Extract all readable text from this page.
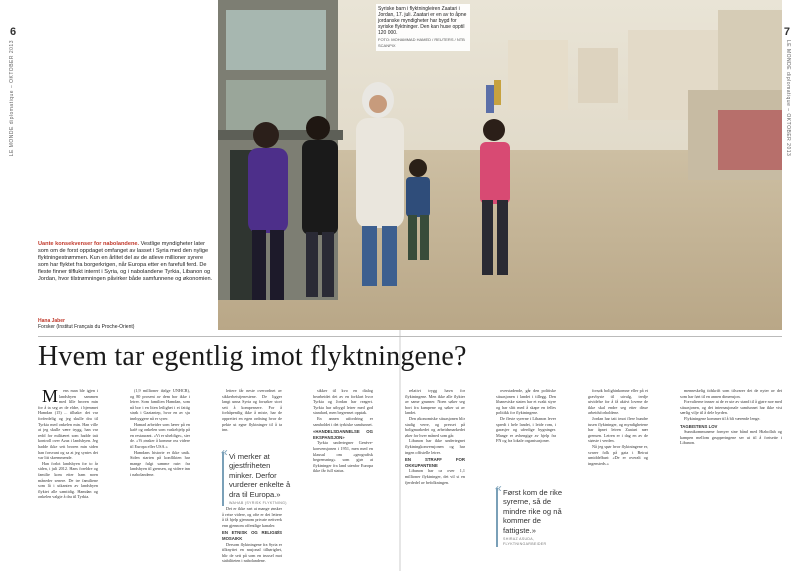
6	7
LE MONDE diplomatique – OKTOBER 2013	LE MONDE diplomatique – OKTOBER 2013
Syriske barn i flyktningleiren Zaatari i Jordan, 17. juli. Zaatari er en av to åpne jordanske myndigheter har bygd for syriske flyktninger. Den kan huse opptil 120 000.
FOTO: MOHAMMAD HAMED / REUTERS / NTB SCANPIX
Uante konsekvenser for nabolandene. Vestlige myndigheter later som om de forst oppdaget omfanget av lasset i Syria med den nylige flyktningestrømmen. Kun en årlitet del av de atleve millioner syrere som har flyktet fra borgerkrigen, når Europa etter en farefull ferd. De fleste finner tilflukt internt i Syria, og i nabolandene Tyrkia, Libanon og Jordan, hvor tilstrømningen påvirker både samfunnene og økonomien.
Hana Jaber
Forsker (Institut Français du Proche-Orient)
Hvem tar egentlig imot flyktningene?

M ens man ble igjen i landsbyen sammen med lille broren min for å ta seg av de eldre, i hjemmet Hamdan (15) ... tilbake: det var forferdelig og jeg skulle dra til Tyrkia med onkelen min. Han ville at jeg skulle være trygg, han var redd for militæret som hadde tatt kontroll over Azaz i landsbyen. Jeg hadde ikke sett broren min siden han forsvant og sa at jeg syntes det var litt skremmende.

Han forlot landsbyen for to år siden, i juli 2012. Hans foreldre og familie kom etter ham noen måneder senere. De tre familiene som lå i utkanten av landsbyen flyktet alle samtidig. Hamdan og onkelen valgte å dra til Tyrkia.

(1,9 millioner ifølge UNHCR), og 80 prosent av dem bor ikke i leirer. Som familien Hamdan, som nå bor i en liten leilighet i et fattig strøk i Gaziantep, hvor en av sju innbyggere nå er syrer.

Hamad arbeider som lærer på en kafé og onkelen som vaskehjelp på en restaurant. «Vi er uheldige», sier de. «Vi ønsker å komme oss videre til Europa eller USA.»

Hamdans historie er ikke unik. Siden starten på konflikten har mange fulgt samme rute: fra landsbyen til grensen, og videre inn i nabolandene.

lettere får neste overordnet av sikkerhetstjenestene. De ligger langt unna Syria og forsøker stort sett å kompensere. For å forhåpentlig ikke å miste, har de opprettet en egen ordning hvor de pekte ut egne flyktninger til å ta inn.

« Vi merker at gjestfriheten minker. Derfor vurderer enkelte å dra til Europa.»
WAHAB (SYRISK FLYKTNING)

Det er ikke rart at mange ønsker å reise videre, og ofte er det lettere å få hjelp gjennom private nettverk enn gjennom offentlige kanaler.

EN ETNISK OG RELIGIØS MOSAIKK

Dersom flyktningene fra Syria er tilknyttet en nasjonal tilhørighet, blir de sett på som en trussel mot stabiliteten i nabolandene.

sikker til kvo en dialog bearbeidet det av en forklart hvor Tyrkia og Jordan har reagert. Tyrkia har utbygd leirer med god standard, men begrenset opptak.

En annen utfordring er samholdet i det tyrkiske samfunnet.

«HANDELSDANNELSE OG EKSPANSJON»

Tyrkia undertegner Genève-konvensjonen i 1951, men med en klausul om «geografisk begrensning» som gjør at flyktninger fra land utenfor Europa ikke får full status.

relativt trygg havn for flyktningene. Men ikke alle flykter av same grunner. Noen søker seg bort fra kampene og søker ut av landet.

Den økonomiske situasjonen blir stadig verre, og presset på boligmarkedet og arbeidsmarkedet øker for hver måned som går.

Libanon har ikke undertegnet flyktningkonvensjonen og har ingen offisielle leirer.

EN STRAFF FOR OKKUPANTENE

Libanon har ca over 1,1 millioner flyktninger, det vil si en fjerdedel av befolkningen.

overstadende, går den politiske situasjonen i landet i tillegg. Den libanesiske staten har et svakt styre og har slitt med å skape en felles politikk for flyktningene.

De fleste syrerne i Libanon lever spredt i hele landet, i leide rom, i garasjer og uferdige bygninger. Mange er avhengige av hjelp fra FN og fra lokale organisasjoner.

« Først kom de rike syrerne, så de mindre rike og nå kommer de fattigste.»
SHIRAZ ASUDA, FLYKTNINGARBEIDER

forsøk bolighinkomne eller på et gravbyste til utvalg, tredje utvidelse for å få aktivt lovene de ikke skal endre seg etter disse arbeidsforholdene.

Jordan har tatt imot flere hundre tusen flyktninger, og myndighetene har åpnet leiren Zaatari nær grensen. Leiren er i dag en av de største i verden.

Nå jeg spør hvor flyktningene er, svarer folk på gata i Beirut umiddelbart: «De er overalt og ingensteds.»

menneskelig tidskrift som tilsvarer det de nyter av det som har ført til en annen dimensjon.

Forvalterne innser at de er ute av stand til å gjøre noe med situasjonen, og det internasjonale samfunnet har ikke vist særlig vilje til å dele byrden.

Flyktningene kommer til å bli værende lenge.

TAGBISTENS LOV

Sunnikommunene fornyer sine bånd med Hizbollah og kampen mellom grupperingene ser ut til å fortsette i Libanon.
